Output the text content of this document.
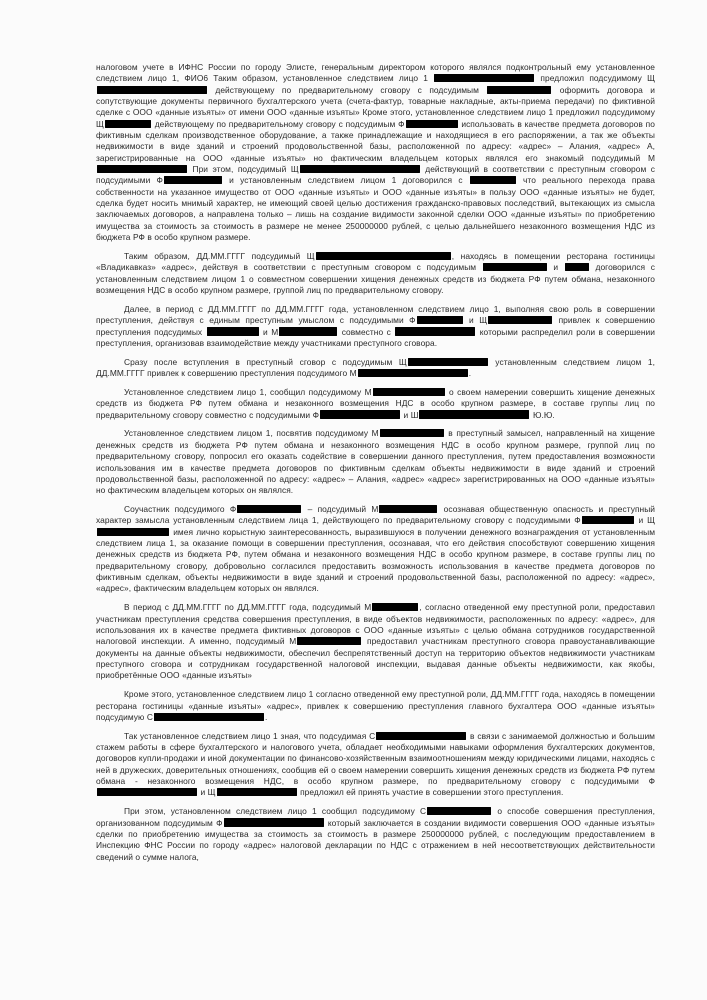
налоговом учете в ИФНС России по городу Элисте, генеральным директором которого являлся подконтрольный ему установленное следствием лицо 1, ФИО6 Таким образом, установленное следствием лицо 1	предложил подсудимому Щ действующему по предварительному сговору с подсудимым	оформить договора и сопутствующие документы первичного бухгалтерского учета (счета-фактур, товарные накладные, акты-приема передачи) по фиктивной сделке с ООО «данные изъяты» от имени ООО «данные изъяты» Кроме этого, установленное следствием лицо 1 предложил подсудимому Щ	действующему по предварительному сговору с подсудимым Ф	использовать в качестве предмета договоров по фиктивным сделкам производственное оборудование, а также принадлежащие и находящиеся в его распоряжении, а так же объекты недвижимости в виде зданий и строений продовольственной базы, расположенной по адресу: «адрес» – Алания, «адрес» А, зарегистрированные на ООО «данные изъяты» но фактическим владельцем которых являлся его знакомый подсудимый М При этом, подсудимый Щ	действующий в соответствии с преступным сговором с подсудимыми Ф	и установленным следствием лицом 1 договорился с	что реального перехода права собственности на указанное имущество от ООО «данные изъяты» и ООО «данные изъяты» в пользу ООО «данные изъяты» не будет, сделка будет носить мнимый характер, не имеющий своей целью достижения гражданско-правовых последствий, вытекающих из смысла заключаемых договоров, а направлена только – лишь на создание видимости законной сделки ООО «данные изъяты» по приобретению имущества за стоимость за стоимость в размере не менее 250000000 рублей, с целью дальнейшего незаконного возмещения НДС из бюджета РФ в особо крупном размере.
Таким образом, ДД.ММ.ГГГГ подсудимый Щ	, находясь в помещении ресторана гостиницы «Владикавказ» «адрес», действуя в соответствии с преступным сговором с подсудимым	и	договорился с установленным следствием лицом 1 о совместном совершении хищения денежных средств из бюджета РФ путем обмана, незаконного возмещения НДС в особо крупном размере, группой лиц по предварительному сговору.
Далее, в период с ДД.ММ.ГГГГ по ДД.ММ.ГГГГ года, установленном следствием лицо 1, выполняя свою роль в совершении преступления, действуя с единым преступным умыслом с подсудимыми Ф	и Щ	привлек к совершению преступления подсудимых	и М	совместно с	которыми распределил роли в совершении преступления, организовав взаимодействие между участниками преступного сговора.
Сразу после вступления в преступный сговор с подсудимым Щ	установленным следствием лицом 1, ДД.ММ.ГГГГ привлек к совершению преступления подсудимого М	.
Установленное следствием лицо 1, сообщил подсудимому М	о своем намерении совершить хищение денежных средств из бюджета РФ путем обмана и незаконного возмещения НДС в особо крупном размере, в составе группы лиц по предварительному сговору совместно с подсудимыми Ф	и Ш	Ю.Ю.
Установленное следствием лицом 1, посвятив подсудимому М	в преступный замысел, направленный на хищение денежных средств из бюджета РФ путем обмана и незаконного возмещения НДС в особо крупном размере, группой лиц по предварительному сговору, попросил его оказать содействие в совершении данного преступления, путем предоставления возможности использования им в качестве предмета договоров по фиктивным сделкам объекты недвижимости в виде зданий и строений продовольственной базы, расположенной по адресу: «адрес» – Алания, «адрес» «адрес» зарегистрированных на ООО «данные изъяты» но фактическим владельцем которых он являлся.
Соучастник подсудимого Ф	– подсудимый М	осознавая общественную опасность и преступный характер замысла установленным следствием лица 1, действующего по предварительному сговору с подсудимыми Ф	и Щ имея лично корыстную заинтересованность, выразившуюся в получении денежного вознаграждения от установленным следствием лица 1, за оказание помощи в совершении преступления, осознавая, что его действия способствуют совершению хищения денежных средств из бюджета РФ, путем обмана и незаконного возмещения НДС в особо крупном размере, в составе группы лиц по предварительному сговору, добровольно согласился предоставить возможность использования в качестве предмета договоров по фиктивным сделкам, объекты недвижимости в виде зданий и строений продовольственной базы, расположенной по адресу: «адрес», «адрес», фактическим владельцем которых он являлся.
В период с ДД.ММ.ГГГГ по ДД.ММ.ГГГГ года, подсудимый М	, согласно отведенной ему преступной роли, предоставил участникам преступления средства совершения преступления, в виде объектов недвижимости, расположенных по адресу: «адрес», для использования их в качестве предмета фиктивных договоров с ООО «данные изъяты» с целью обмана сотрудников государственной налоговой инспекции. А именно, подсудимый М	предоставил участникам преступного сговора правоустанавливающие документы на данные объекты недвижимости, обеспечил беспрепятственный доступ на территорию объектов недвижимости участникам преступного сговора и сотрудникам государственной налоговой инспекции, выдавая данные объекты недвижимости, как якобы, приобретённые ООО «данные изъяты»
Кроме этого, установленное следствием лицо 1 согласно отведенной ему преступной роли, ДД.ММ.ГГГГ года, находясь в помещении ресторана гостиницы «данные изъяты» «адрес», привлек к совершению преступления главного бухгалтера ООО «данные изъяты» подсудимую С	.
Так установленное следствием лицо 1 зная, что подсудимая С	в связи с занимаемой должностью и большим стажем работы в сфере бухгалтерского и налогового учета, обладает необходимыми навыками оформления бухгалтерских документов, договоров купли-продажи и иной документации по финансово-хозяйственным взаимоотношениям между юридическими лицами, находясь с ней в дружеских, доверительных отношениях, сообщив ей о своем намерении совершить хищения денежных средств из бюджета РФ путем обмана - незаконного возмещения НДС, в особо крупном размере, по предварительному сговору с подсудимыми Ф и Щ	предложил ей принять участие в совершении этого преступления.
При этом, установленном следствием лицо 1 сообщил подсудимому С	о способе совершения преступления, организованном подсудимым Ф	который заключается в создании видимости совершения ООО «данные изъяты» сделки по приобретению имущества за стоимость за стоимость в размере 250000000 рублей, с последующим предоставлением в Инспекцию ФНС России по городу «адрес» налоговой декларации по НДС с отражением в ней несоответствующих действительности сведений о сумме налога,
